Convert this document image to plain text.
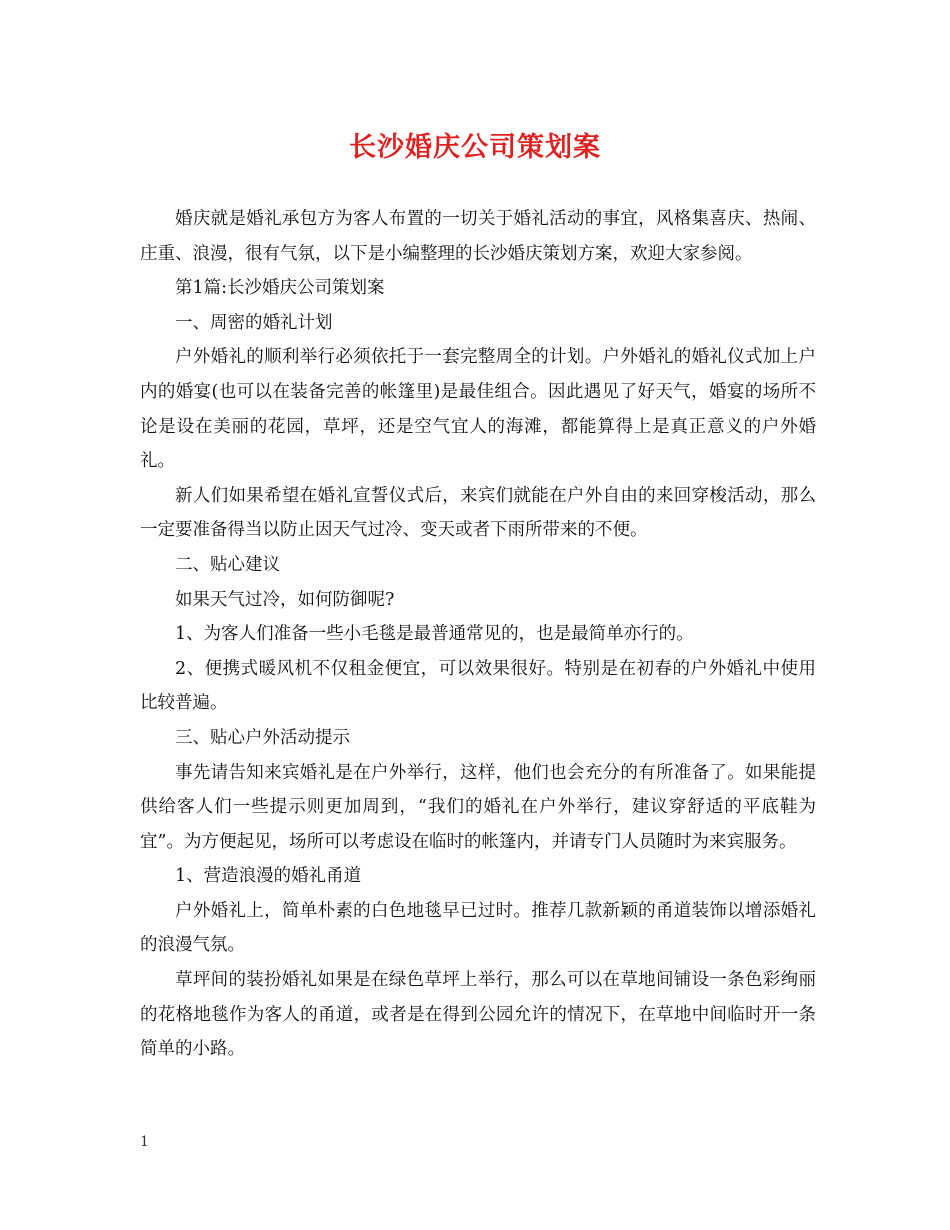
长沙婚庆公司策划案

婚庆就是婚礼承包方为客人布置的一切关于婚礼活动的事宜，风格集喜庆、热闹、庄重、浪漫，很有气氛，以下是小编整理的长沙婚庆策划方案，欢迎大家参阅。

第1篇:长沙婚庆公司策划案

一、周密的婚礼计划

户外婚礼的顺利举行必须依托于一套完整周全的计划。户外婚礼的婚礼仪式加上户内的婚宴(也可以在装备完善的帐篷里)是最佳组合。因此遇见了好天气，婚宴的场所不论是设在美丽的花园，草坪，还是空气宜人的海滩，都能算得上是真正意义的户外婚礼。

新人们如果希望在婚礼宣誓仪式后，来宾们就能在户外自由的来回穿梭活动，那么一定要准备得当以防止因天气过冷、变天或者下雨所带来的不便。

二、贴心建议

如果天气过冷，如何防御呢?

1、为客人们准备一些小毛毯是最普通常见的，也是最简单亦行的。

2、便携式暖风机不仅租金便宜，可以效果很好。特别是在初春的户外婚礼中使用比较普遍。

三、贴心户外活动提示

事先请告知来宾婚礼是在户外举行，这样，他们也会充分的有所准备了。如果能提供给客人们一些提示则更加周到，“我们的婚礼在户外举行，建议穿舒适的平底鞋为宜”。为方便起见，场所可以考虑设在临时的帐篷内，并请专门人员随时为来宾服务。

1、营造浪漫的婚礼甬道

户外婚礼上，简单朴素的白色地毯早已过时。推荐几款新颖的甬道装饰以增添婚礼的浪漫气氛。

草坪间的装扮婚礼如果是在绿色草坪上举行，那么可以在草地间铺设一条色彩绚丽的花格地毯作为客人的甬道，或者是在得到公园允许的情况下，在草地中间临时开一条简单的小路。

1
